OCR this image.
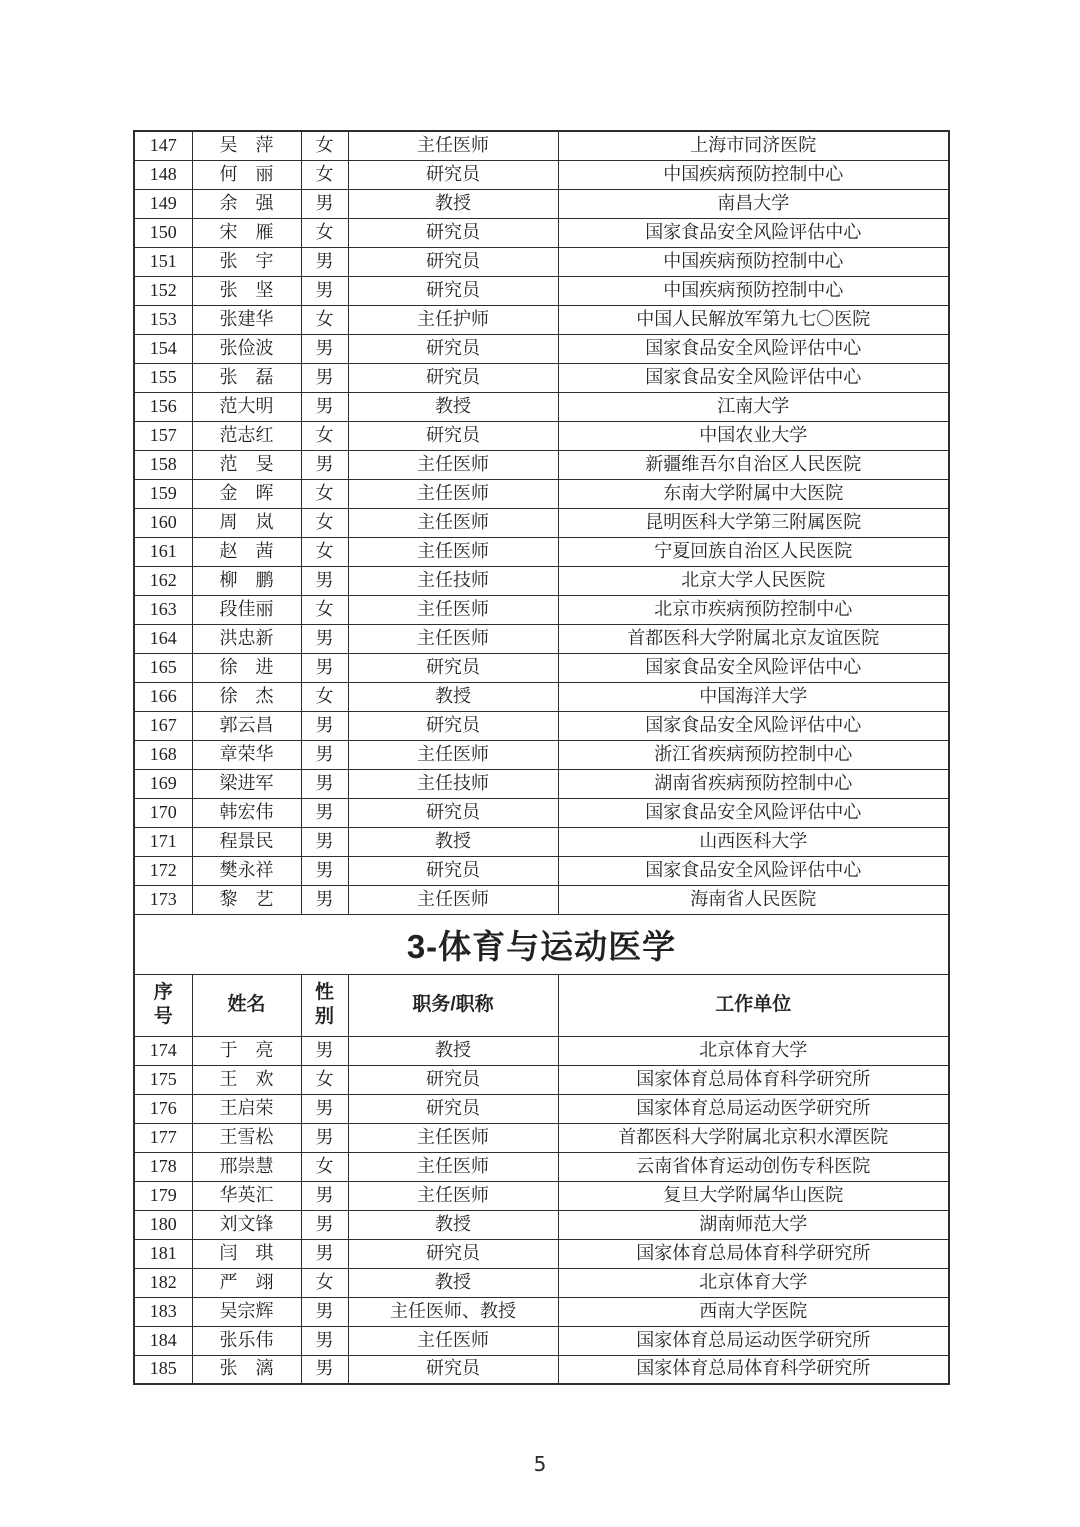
147	吴　萍	女	主任医师	上海市同济医院
148	何　丽	女	研究员	中国疾病预防控制中心
149	余　强	男	教授	南昌大学
150	宋　雁	女	研究员	国家食品安全风险评估中心
151	张　宇	男	研究员	中国疾病预防控制中心
152	张　坚	男	研究员	中国疾病预防控制中心
153	张建华	女	主任护师	中国人民解放军第九七〇医院
154	张俭波	男	研究员	国家食品安全风险评估中心
155	张　磊	男	研究员	国家食品安全风险评估中心
156	范大明	男	教授	江南大学
157	范志红	女	研究员	中国农业大学
158	范　旻	男	主任医师	新疆维吾尔自治区人民医院
159	金　晖	女	主任医师	东南大学附属中大医院
160	周　岚	女	主任医师	昆明医科大学第三附属医院
161	赵　茜	女	主任医师	宁夏回族自治区人民医院
162	柳　鹏	男	主任技师	北京大学人民医院
163	段佳丽	女	主任医师	北京市疾病预防控制中心
164	洪忠新	男	主任医师	首都医科大学附属北京友谊医院
165	徐　进	男	研究员	国家食品安全风险评估中心
166	徐　杰	女	教授	中国海洋大学
167	郭云昌	男	研究员	国家食品安全风险评估中心
168	章荣华	男	主任医师	浙江省疾病预防控制中心
169	梁进军	男	主任技师	湖南省疾病预防控制中心
170	韩宏伟	男	研究员	国家食品安全风险评估中心
171	程景民	男	教授	山西医科大学
172	樊永祥	男	研究员	国家食品安全风险评估中心
173	黎　艺	男	主任医师	海南省人民医院
3-体育与运动医学				
序号	姓名	性别	职务/职称	工作单位
174	于　亮	男	教授	北京体育大学
175	王　欢	女	研究员	国家体育总局体育科学研究所
176	王启荣	男	研究员	国家体育总局运动医学研究所
177	王雪松	男	主任医师	首都医科大学附属北京积水潭医院
178	邢崇慧	女	主任医师	云南省体育运动创伤专科医院
179	华英汇	男	主任医师	复旦大学附属华山医院
180	刘文锋	男	教授	湖南师范大学
181	闫　琪	男	研究员	国家体育总局体育科学研究所
182	严　翊	女	教授	北京体育大学
183	吴宗辉	男	主任医师、教授	西南大学医院
184	张乐伟	男	主任医师	国家体育总局运动医学研究所
185	张　漓	男	研究员	国家体育总局体育科学研究所
5
